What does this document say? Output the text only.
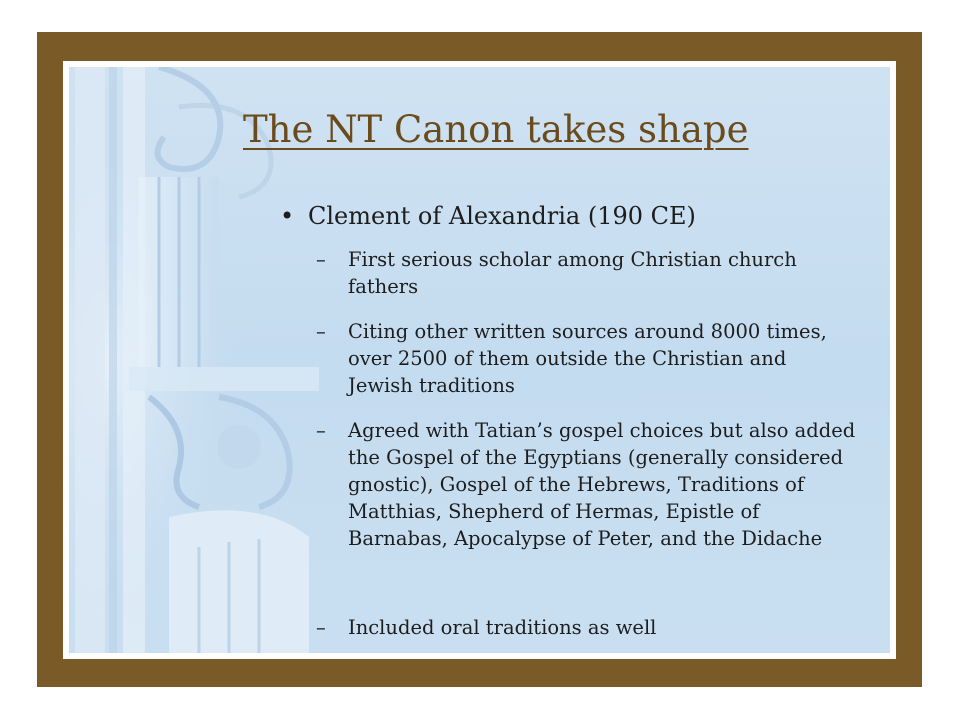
The NT Canon takes shape
• Clement of Alexandria (190 CE)
– First serious scholar among Christian church fathers
– Citing other written sources around 8000 times, over 2500 of them outside the Christian and Jewish traditions
– Agreed with Tatian’s gospel choices but also added the Gospel of the Egyptians (generally considered gnostic), Gospel of the Hebrews, Traditions of Matthias, Shepherd of Hermas, Epistle of Barnabas, Apocalypse of Peter, and the Didache
– Included oral traditions as well
